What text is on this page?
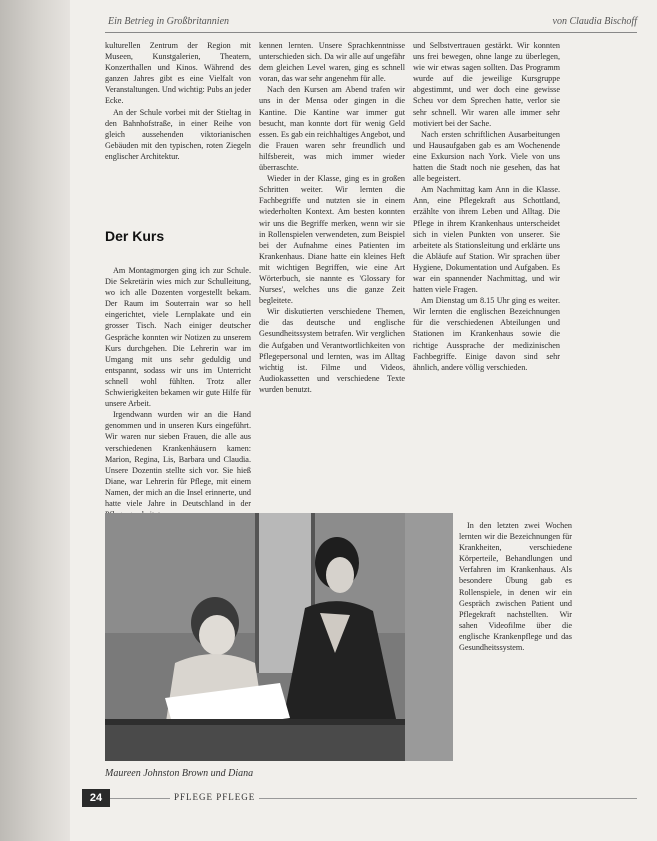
Ein Betrieg in Großbritannien	von Claudia Bischoff

kulturellen Zentrum der Region mit Museen, Kunstgalerien, Theatern, Konzerthallen und Kinos. Während des ganzen Jahres gibt es eine Vielfalt von Veranstaltungen. Und wichtig: Pubs an jeder Ecke.

An der Schule vorbei mit der Stieltag in den Bahnhofstraße, in einer Reihe von gleich aussehenden viktorianischen Gebäuden mit den typischen, roten Ziegeln englischer Architektur.

Der Kurs

Am Montagmorgen ging ich zur Schule. Die Sekretärin wies mich zur Schulleitung, wo ich alle Dozenten vorgestellt bekam. Der Raum im Souterrain war so hell eingerichtet, viele Lernplakate und ein grosser Tisch. Nach einiger deutscher Gespräche konnten wir Notizen zu unserem Kurs durchgehen. Die Lehrerin war im Umgang mit uns sehr geduldig und entspannt, sodass wir uns im Unterricht schnell wohl fühlten. Trotz aller Schwierigkeiten bekamen wir gute Hilfe für unsere Arbeit.

Irgendwann wurden wir an die Hand genommen und in unseren Kurs eingeführt. Wir waren nur sieben Frauen, die alle aus verschiedenen Krankenhäusern kamen: Marion, Regina, Lis, Barbara und Claudia. Unsere Dozentin stellte sich vor. Sie hieß Diane, war Lehrerin für Pflege, mit einem Namen, der mich an die Insel erinnerte, und hatte viele Jahre in Deutschland in der

kennen lernten. Unsere Sprachkenntnisse unterschieden sich. Da wir alle auf ungefähr dem gleichen Level waren, ging es schnell voran, das war sehr angenehm für alle.

Nach den Kursen am Abend trafen wir uns in der Mensa oder gingen in die Kantine. Die Kantine war immer gut besucht, man konnte dort für wenig Geld essen. Es gab ein reichhaltiges Angebot, und die Frauen waren sehr freundlich und hilfsbereit, was mich immer wieder überraschte.

Wieder in der Klasse, ging es in großen Schritten weiter. Wir lernten die Fachbegriffe und nutzten sie in einem wiederholten Kontext. Am besten konnten wir uns die Begriffe merken, wenn wir sie in Rollenspielen verwendeten, zum Beispiel bei der Aufnahme eines Patienten im Krankenhaus. Diane hatte ein kleines Heft mit wichtigen Begriffen, wie eine Art Wörterbuch, sie nannte es 'Glossary for Nurses', welches uns die ganze Zeit begleitete.

Wir diskutierten verschiedene Themen, die das deutsche und englische Gesundheitssystem betrafen. Wir verglichen die Aufgaben und Verantwortlichkeiten von Pflegepersonal und lernten, was im Alltag wichtig ist. Filme und Videos, Audiokassetten und verschiedene Texte wurden benutzt.

und Selbstvertrauen gestärkt. Wir konnten uns frei bewegen, ohne lange zu überlegen, wie wir etwas sagen sollten. Das Programm wurde auf die jeweilige Kursgruppe abgestimmt, und wer doch eine gewisse Scheu vor dem Sprechen hatte, verlor sie sehr schnell. Wir waren alle immer sehr motiviert bei der Sache.

Nach ersten schriftlichen Ausarbeitungen und Hausaufgaben gab es am Wochenende eine Exkursion nach York. Viele von uns hatten die Stadt noch nie gesehen, das hat alle begeistert.

Am Nachmittag kam Ann in die Klasse. Ann, eine Pflegekraft aus Schottland, erzählte von ihrem Leben und Alltag. Die Pflege in ihrem Krankenhaus unterscheidet sich in vielen Punkten von unserer. Sie arbeitete als Stationsleitung und erklärte uns die Abläufe auf Station. Wir sprachen über Hygiene, Dokumentation und Aufgaben. Es war ein spannender Nachmittag, und wir hatten viele Fragen.

Am Dienstag um 8.15 Uhr ging es weiter. Wir lernten die englischen Bezeichnungen für die verschiedenen Abteilungen und Stationen im Krankenhaus sowie die richtige Aussprache der medizinischen Fachbegriffe. Einige davon sind sehr ähnlich, andere völlig verschieden.

In den letzten zwei Wochen lernten wir die Bezeichnungen für Krankheiten, verschiedene Körperteile, Behandlungen und Verfahren im Krankenhaus. Als besondere Übung gab es Rollenspiele, in denen wir ein Gespräch zwischen Patient und Pflegekraft nachstellten. Wir sahen Videofilme über die englische Krankenpflege und das Gesundheitssystem.

Maureen Johnston Brown und Diana
24	PFLEGE PFLEGE
